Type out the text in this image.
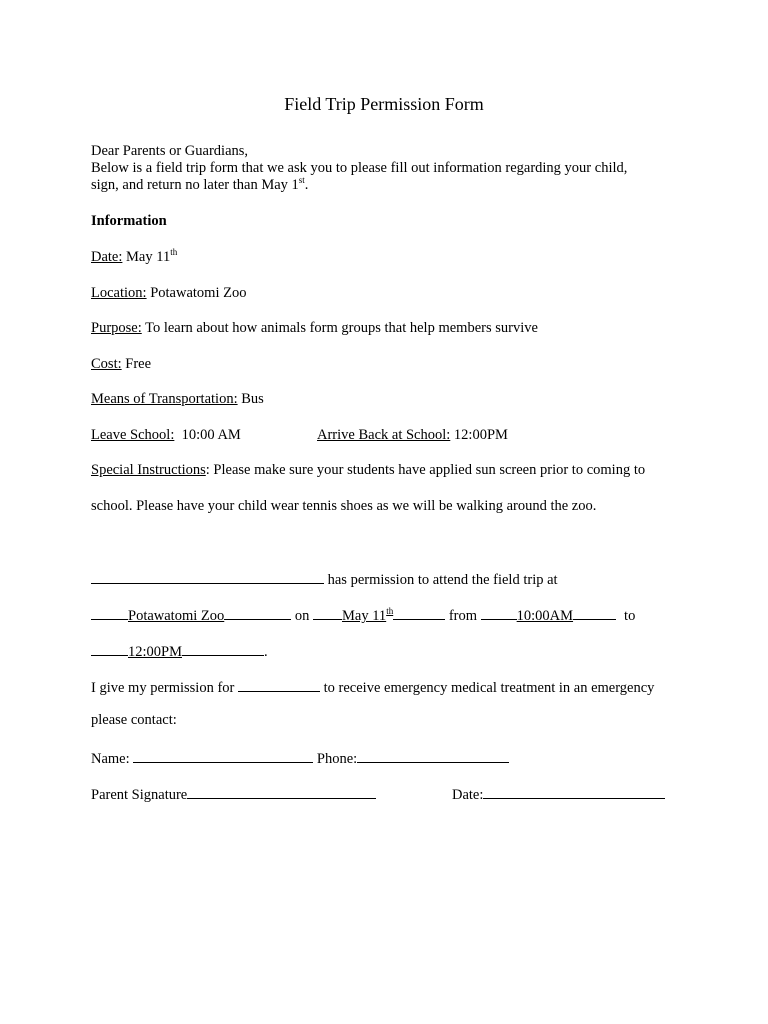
Field Trip Permission Form
Dear Parents or Guardians,
Below is a field trip form that we ask you to please fill out information regarding your child,
sign, and return no later than May 1st.
Information
Date: May 11th
Location: Potawatomi Zoo
Purpose: To learn about how animals form groups that help members survive
Cost: Free
Means of Transportation: Bus
Leave School:  10:00 AM	Arrive Back at School: 12:00PM
Special Instructions: Please make sure your students have applied sun screen prior to coming to
school. Please have your child wear tennis shoes as we will be walking around the zoo.
has permission to attend the field trip at
Potawatomi Zoo	on May 11th	from 10:00AM	to
12:00PM	.
I give my permission for	to receive emergency medical treatment in an emergency
please contact:
Name:	Phone:
Parent Signature	Date:
